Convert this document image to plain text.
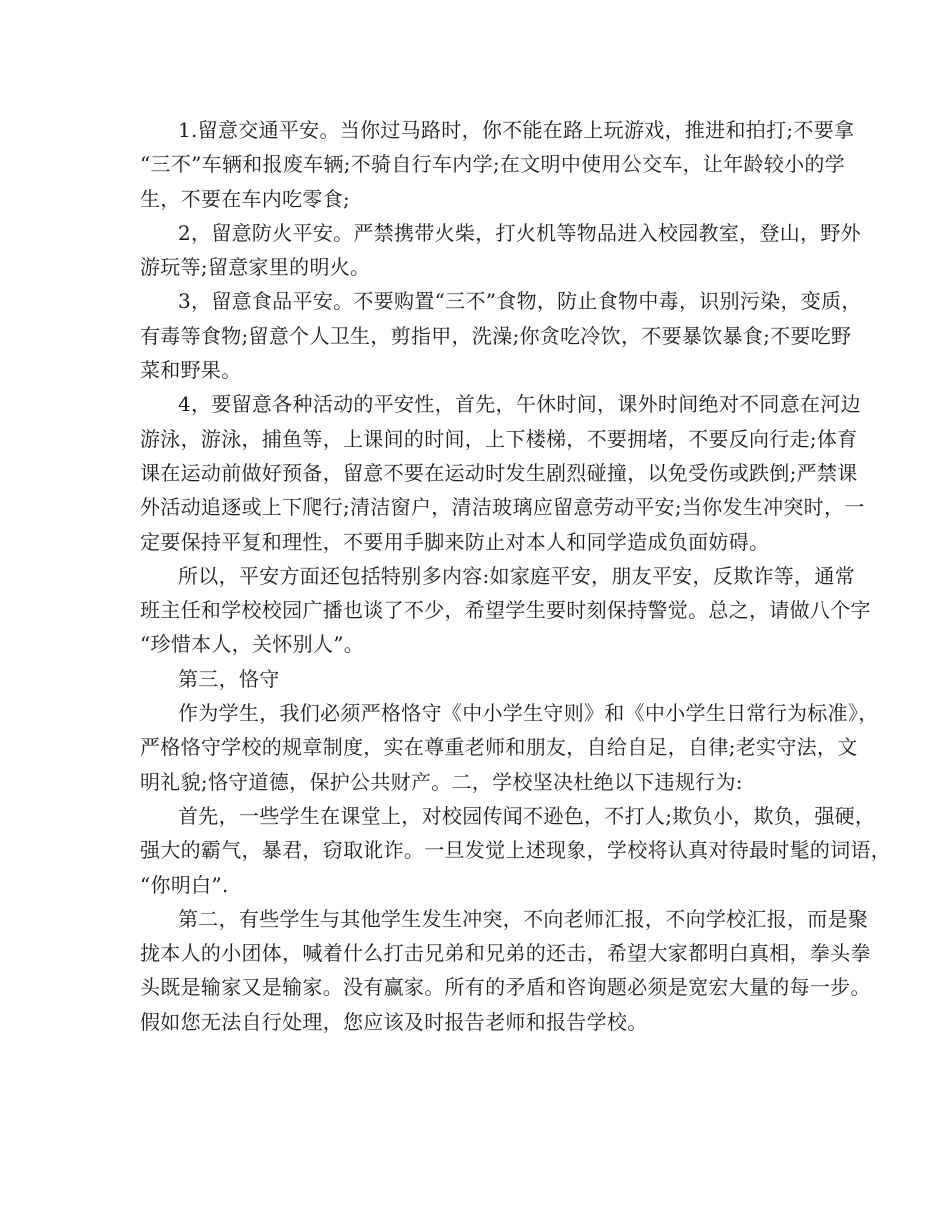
1.留意交通平安。当你过马路时，你不能在路上玩游戏，推进和拍打;不要拿
“三不”车辆和报废车辆;不骑自行车内学;在文明中使用公交车，让年龄较小的学
生，不要在车内吃零食;
2，留意防火平安。严禁携带火柴，打火机等物品进入校园教室，登山，野外
游玩等;留意家里的明火。
3，留意食品平安。不要购置“三不”食物，防止食物中毒，识别污染，变质，
有毒等食物;留意个人卫生，剪指甲，洗澡;你贪吃冷饮，不要暴饮暴食;不要吃野
菜和野果。
4，要留意各种活动的平安性，首先，午休时间，课外时间绝对不同意在河边
游泳，游泳，捕鱼等，上课间的时间，上下楼梯，不要拥堵，不要反向行走;体育
课在运动前做好预备，留意不要在运动时发生剧烈碰撞，以免受伤或跌倒;严禁课
外活动追逐或上下爬行;清洁窗户，清洁玻璃应留意劳动平安;当你发生冲突时，一
定要保持平复和理性，不要用手脚来防止对本人和同学造成负面妨碍。
所以，平安方面还包括特别多内容:如家庭平安，朋友平安，反欺诈等，通常
班主任和学校校园广播也谈了不少，希望学生要时刻保持警觉。总之，请做八个字
“珍惜本人，关怀别人”。
第三，恪守
作为学生，我们必须严格恪守《中小学生守则》和《中小学生日常行为标准》，
严格恪守学校的规章制度，实在尊重老师和朋友，自给自足，自律;老实守法，文
明礼貌;恪守道德，保护公共财产。二，学校坚决杜绝以下违规行为:
首先，一些学生在课堂上，对校园传闻不逊色，不打人;欺负小，欺负，强硬，
强大的霸气，暴君，窃取讹诈。一旦发觉上述现象，学校将认真对待最时髦的词语，
“你明白”.
第二，有些学生与其他学生发生冲突，不向老师汇报，不向学校汇报，而是聚
拢本人的小团体，喊着什么打击兄弟和兄弟的还击，希望大家都明白真相，拳头拳
头既是输家又是输家。没有赢家。所有的矛盾和咨询题必须是宽宏大量的每一步。
假如您无法自行处理，您应该及时报告老师和报告学校。
